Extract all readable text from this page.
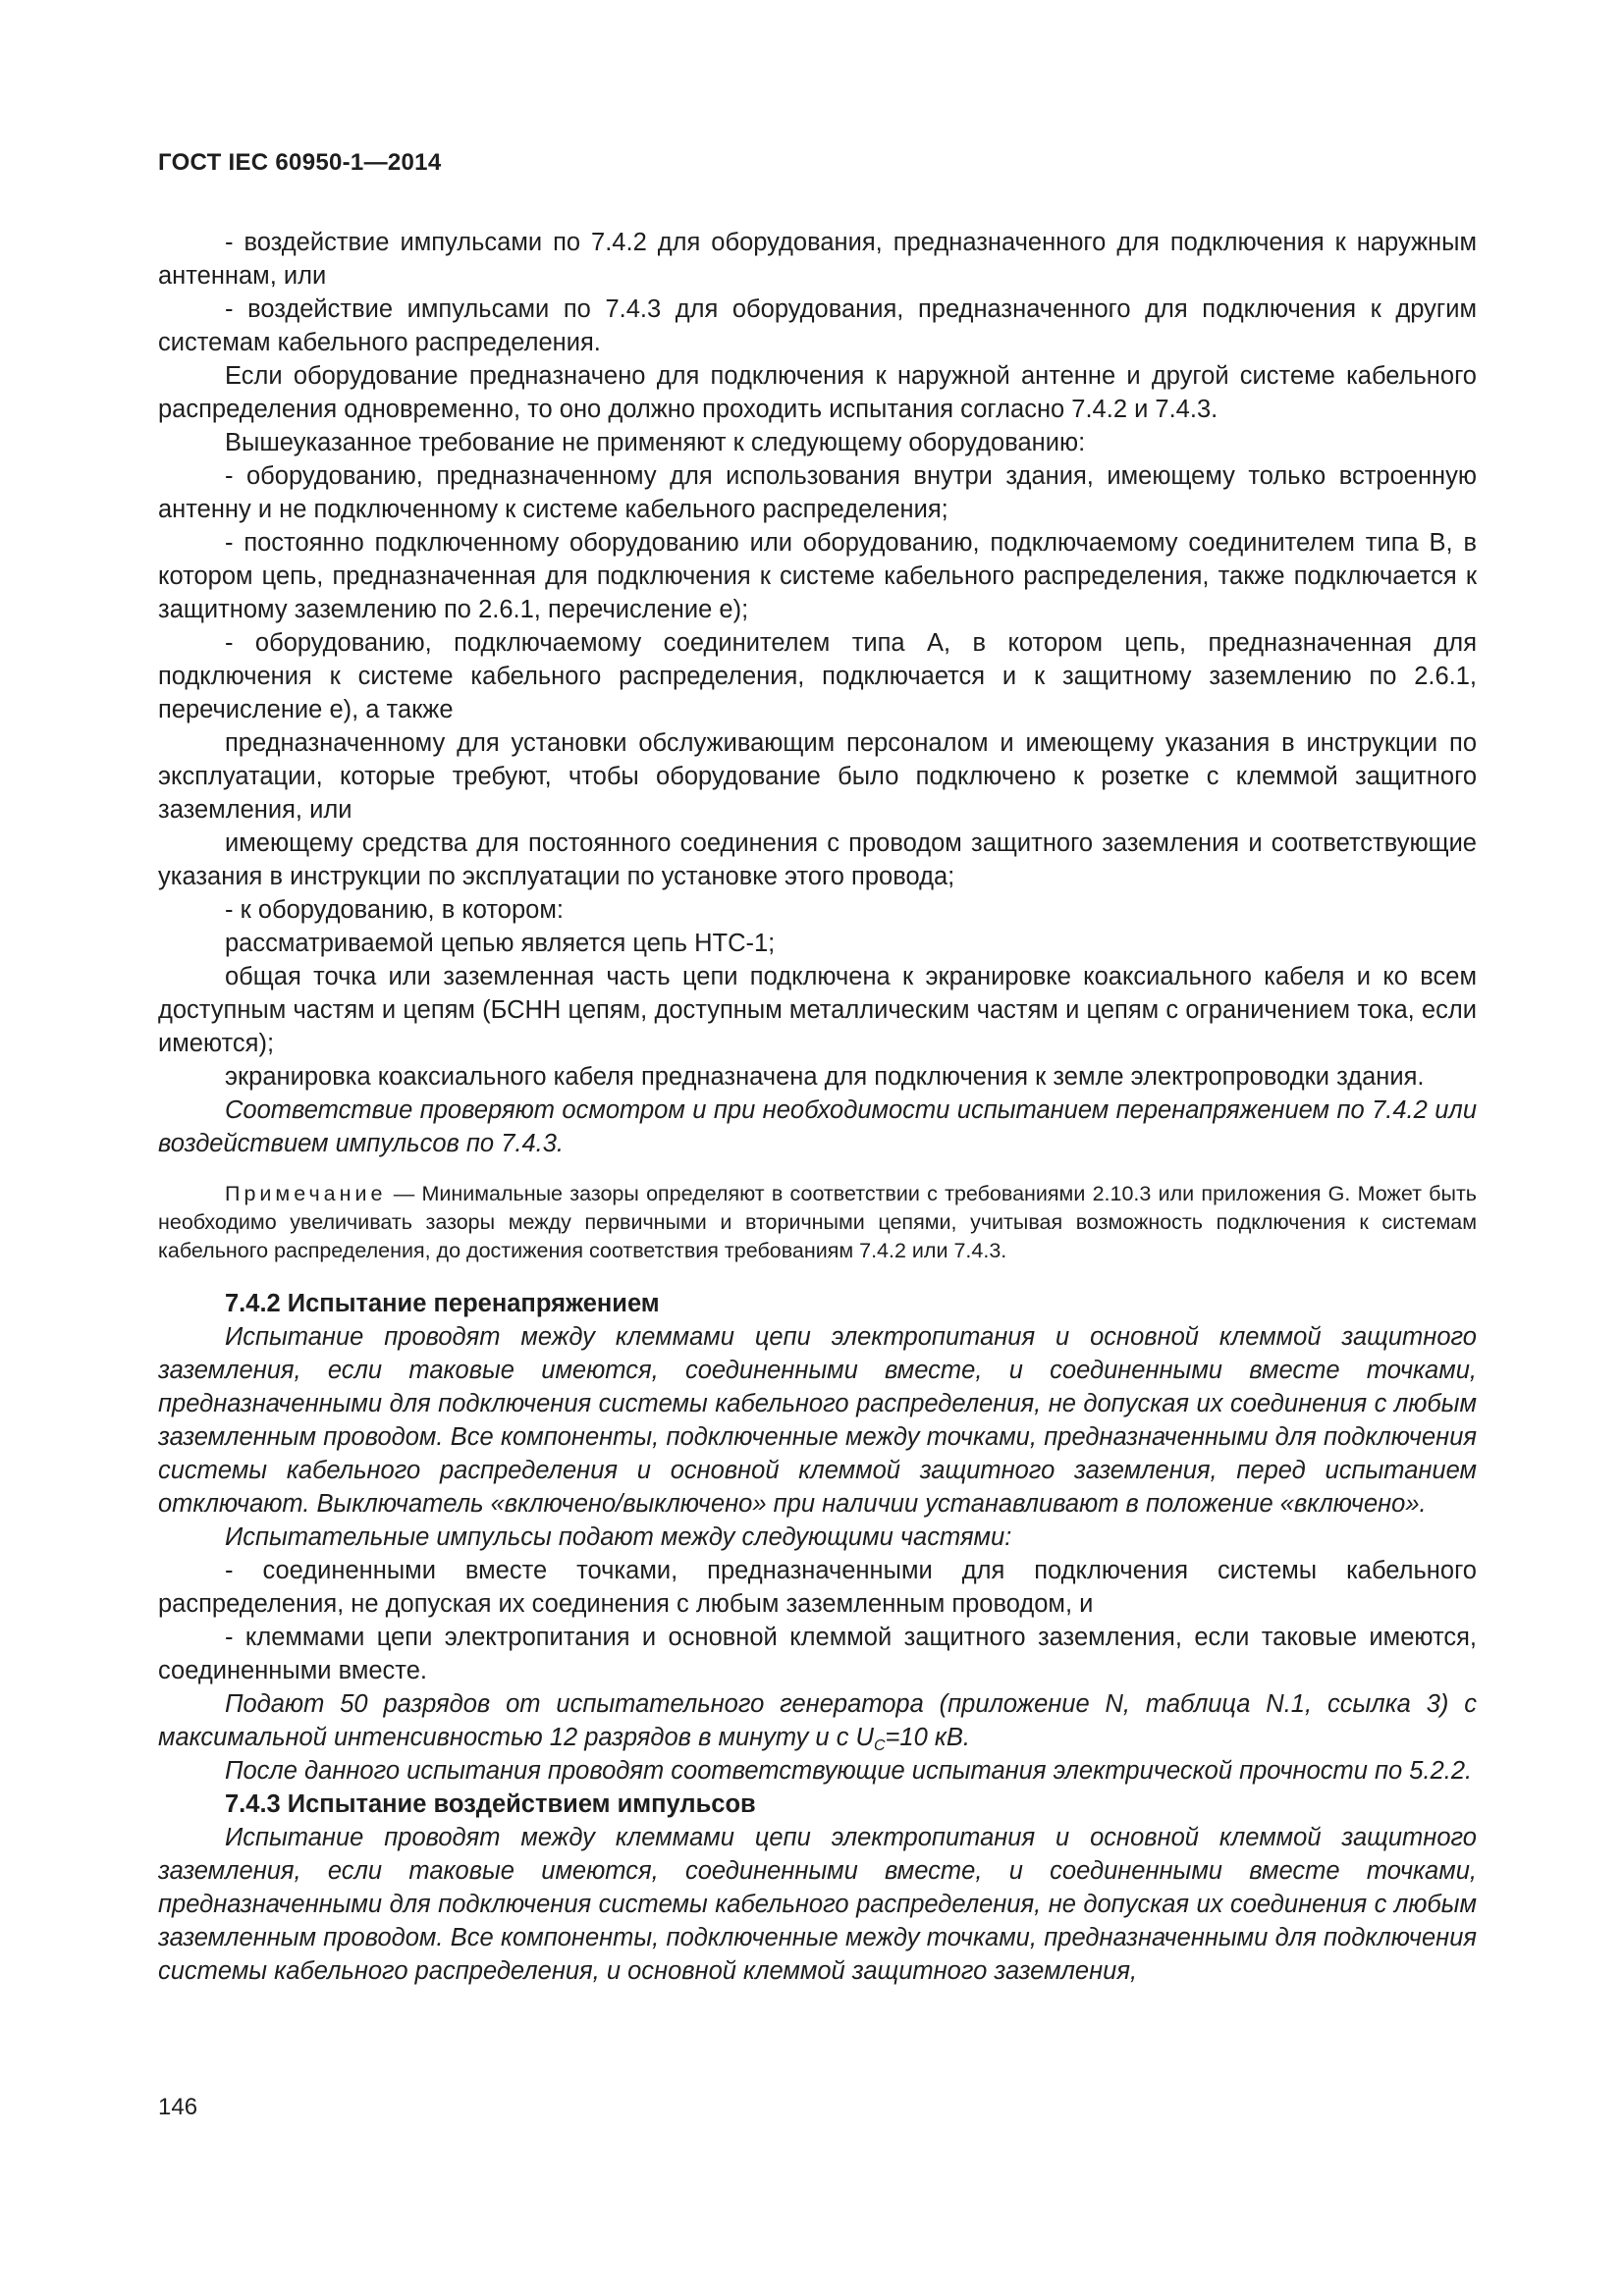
ГОСТ IEC 60950-1—2014

- воздействие импульсами по 7.4.2 для оборудования, предназначенного для подключения к наружным антеннам, или

- воздействие импульсами по 7.4.3 для оборудования, предназначенного для подключения к другим системам кабельного распределения.

Если оборудование предназначено для подключения к наружной антенне и другой системе кабельного распределения одновременно, то оно должно проходить испытания согласно 7.4.2 и 7.4.3.

Вышеуказанное требование не применяют к следующему оборудованию:

- оборудованию, предназначенному для использования внутри здания, имеющему только встроенную антенну и не подключенному к системе кабельного распределения;

- постоянно подключенному оборудованию или оборудованию, подключаемому соединителем типа В, в котором цепь, предназначенная для подключения к системе кабельного распределения, также подключается к защитному заземлению по 2.6.1, перечисление е);

- оборудованию, подключаемому соединителем типа А, в котором цепь, предназначенная для подключения к системе кабельного распределения, подключается и к защитному заземлению по 2.6.1, перечисление е), а также

предназначенному для установки обслуживающим персоналом и имеющему указания в инструкции по эксплуатации, которые требуют, чтобы оборудование было подключено к розетке с клеммой защитного заземления, или

имеющему средства для постоянного соединения с проводом защитного заземления и соответствующие указания в инструкции по эксплуатации по установке этого провода;

- к оборудованию, в котором:

рассматриваемой цепью является цепь НТС-1;

общая точка или заземленная часть цепи подключена к экранировке коаксиального кабеля и ко всем доступным частям и цепям (БСНН цепям, доступным металлическим частям и цепям с ограничением тока, если имеются);

экранировка коаксиального кабеля предназначена для подключения к земле электропроводки здания.

Соответствие проверяют осмотром и при необходимости испытанием перенапряжением по 7.4.2 или воздействием импульсов по 7.4.3.

Примечание — Минимальные зазоры определяют в соответствии с требованиями 2.10.3 или приложения G. Может быть необходимо увеличивать зазоры между первичными и вторичными цепями, учитывая возможность подключения к системам кабельного распределения, до достижения соответствия требованиям 7.4.2 или 7.4.3.

7.4.2 Испытание перенапряжением

Испытание проводят между клеммами цепи электропитания и основной клеммой защитного заземления, если таковые имеются, соединенными вместе, и соединенными вместе точками, предназначенными для подключения системы кабельного распределения, не допуская их соединения с любым заземленным проводом. Все компоненты, подключенные между точками, предназначенными для подключения системы кабельного распределения и основной клеммой защитного заземления, перед испытанием отключают. Выключатель «включено/выключено» при наличии устанавливают в положение «включено».

Испытательные импульсы подают между следующими частями:

- соединенными вместе точками, предназначенными для подключения системы кабельного распределения, не допуская их соединения с любым заземленным проводом, и

- клеммами цепи электропитания и основной клеммой защитного заземления, если таковые имеются, соединенными вместе.

Подают 50 разрядов от испытательного генератора (приложение N, таблица N.1, ссылка 3) с максимальной интенсивностью 12 разрядов в минуту и с $U_C=10$ кВ.

После данного испытания проводят соответствующие испытания электрической прочности по 5.2.2.

7.4.3 Испытание воздействием импульсов

Испытание проводят между клеммами цепи электропитания и основной клеммой защитного заземления, если таковые имеются, соединенными вместе, и соединенными вместе точками, предназначенными для подключения системы кабельного распределения, не допуская их соединения с любым заземленным проводом. Все компоненты, подключенные между точками, предназначенными для подключения системы кабельного распределения, и основной клеммой защитного заземления,

146
